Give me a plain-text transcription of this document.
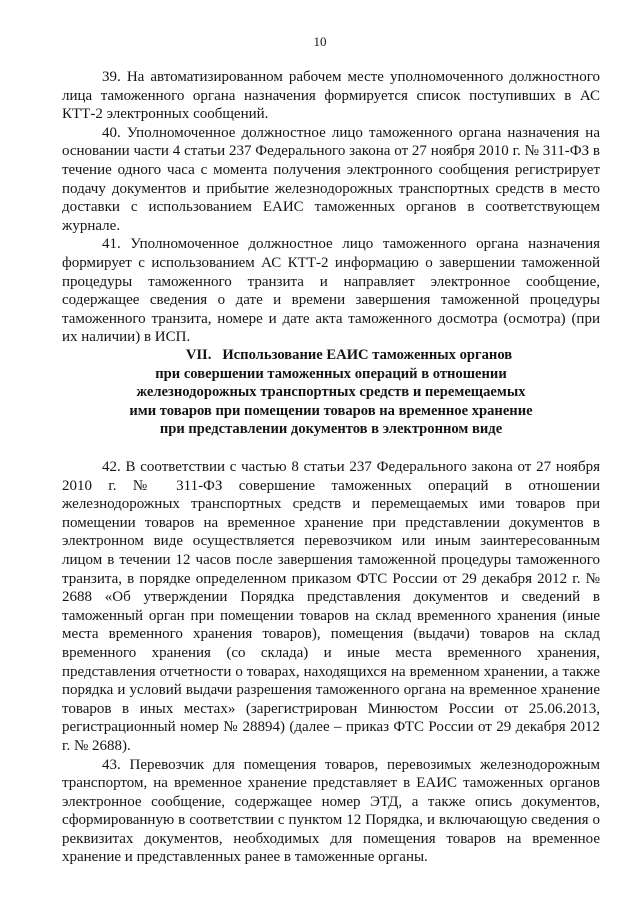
10

39. На автоматизированном рабочем месте уполномоченного должностного лица таможенного органа назначения формируется список поступивших в АС КТТ-2 электронных сообщений.

40. Уполномоченное должностное лицо таможенного органа назначения на основании части 4 статьи 237 Федерального закона от 27 ноября 2010 г. № 311-ФЗ в течение одного часа с момента получения электронного сообщения регистрирует подачу документов и прибытие железнодорожных транспортных средств в место доставки с использованием ЕАИС таможенных органов в соответствующем журнале.

41. Уполномоченное должностное лицо таможенного органа назначения формирует с использованием АС КТТ-2 информацию о завершении таможенной процедуры таможенного транзита и направляет электронное сообщение, содержащее сведения о дате и времени завершения таможенной процедуры таможенного транзита, номере и дате акта таможенного досмотра (осмотра) (при их наличии) в ИСП.

VII.   Использование ЕАИС таможенных органов
при совершении таможенных операций в отношении
железнодорожных транспортных средств и перемещаемых
ими товаров при помещении товаров на временное хранение
при представлении документов в электронном виде

42. В соответствии с частью 8 статьи 237 Федерального закона от 27 ноября 2010 г. № 311-ФЗ совершение таможенных операций в отношении железнодорожных транспортных средств и перемещаемых ими товаров при помещении товаров на временное хранение при представлении документов в электронном виде осуществляется перевозчиком или иным заинтересованным лицом в течении 12 часов после завершения таможенной процедуры таможенного транзита, в порядке определенном приказом ФТС России от 29 декабря 2012 г. № 2688 «Об утверждении Порядка представления документов и сведений в таможенный орган при помещении товаров на склад временного хранения (иные места временного хранения товаров), помещения (выдачи) товаров на склад временного хранения (со склада) и иные места временного хранения, представления отчетности о товарах, находящихся на временном хранении, а также порядка и условий выдачи разрешения таможенного органа на временное хранение товаров в иных местах» (зарегистрирован Минюстом России от 25.06.2013, регистрационный номер № 28894) (далее – приказ ФТС России от 29 декабря 2012 г. № 2688).

43. Перевозчик для помещения товаров, перевозимых железнодорожным транспортом, на временное хранение представляет в ЕАИС таможенных органов электронное сообщение, содержащее номер ЭТД, а также опись документов, сформированную в соответствии с пунктом 12 Порядка, и включающую сведения о реквизитах документов, необходимых для помещения товаров на временное хранение и представленных ранее в таможенные органы.
